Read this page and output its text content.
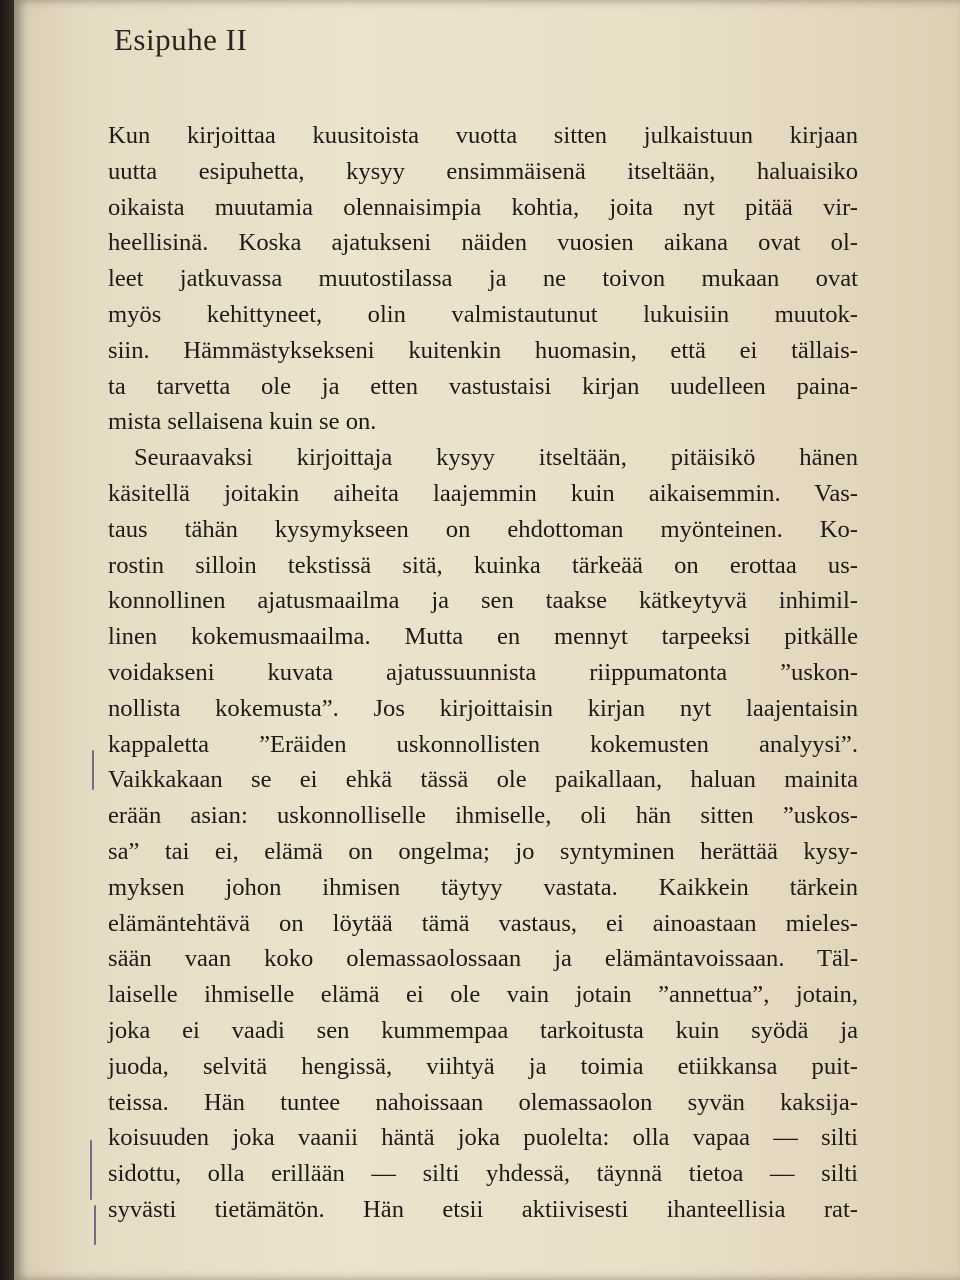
Esipuhe II
Kun kirjoittaa kuusitoista vuotta sitten julkaistuun kirjaan
uutta esipuhetta, kysyy ensimmäisenä itseltään, haluaisiko
oikaista muutamia olennaisimpia kohtia, joita nyt pitää vir-
heellisinä. Koska ajatukseni näiden vuosien aikana ovat ol-
leet jatkuvassa muutostilassa ja ne toivon mukaan ovat
myös kehittyneet, olin valmistautunut lukuisiin muutok-
siin. Hämmästyksekseni kuitenkin huomasin, että ei tällais-
ta tarvetta ole ja etten vastustaisi kirjan uudelleen paina-
mista sellaisena kuin se on.
Seuraavaksi kirjoittaja kysyy itseltään, pitäisikö hänen
käsitellä joitakin aiheita laajemmin kuin aikaisemmin. Vas-
taus tähän kysymykseen on ehdottoman myönteinen. Ko-
rostin silloin tekstissä sitä, kuinka tärkeää on erottaa us-
konnollinen ajatusmaailma ja sen taakse kätkeytyvä inhimil-
linen kokemusmaailma. Mutta en mennyt tarpeeksi pitkälle
voidakseni kuvata ajatussuunnista riippumatonta ”uskon-
nollista kokemusta”. Jos kirjoittaisin kirjan nyt laajentaisin
kappaletta ”Eräiden uskonnollisten kokemusten analyysi”.
Vaikkakaan se ei ehkä tässä ole paikallaan, haluan mainita
erään asian: uskonnolliselle ihmiselle, oli hän sitten ”uskos-
sa” tai ei, elämä on ongelma; jo syntyminen herättää kysy-
myksen johon ihmisen täytyy vastata. Kaikkein tärkein
elämäntehtävä on löytää tämä vastaus, ei ainoastaan mieles-
sään vaan koko olemassaolossaan ja elämäntavoissaan. Täl-
laiselle ihmiselle elämä ei ole vain jotain ”annettua”, jotain,
joka ei vaadi sen kummempaa tarkoitusta kuin syödä ja
juoda, selvitä hengissä, viihtyä ja toimia etiikkansa puit-
teissa. Hän tuntee nahoissaan olemassaolon syvän kaksija-
koisuuden joka vaanii häntä joka puolelta: olla vapaa — silti
sidottu, olla erillään — silti yhdessä, täynnä tietoa — silti
syvästi tietämätön. Hän etsii aktiivisesti ihanteellisia rat-
